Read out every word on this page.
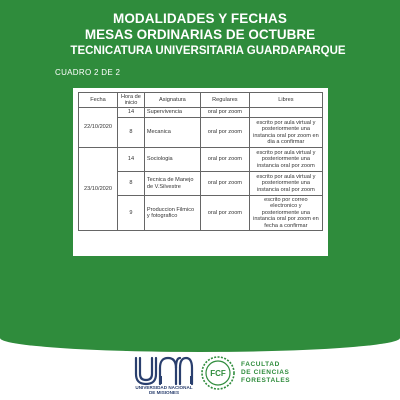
MODALIDADES Y FECHAS
MESAS ORDINARIAS DE OCTUBRE
TECNICATURA UNIVERSITARIA GUARDAPARQUE
CUADRO 2 DE 2
Fecha	Hora de inicio	Asignatura	Regulares	Libres
22/10/2020	14	Supervivencia	oral por zoom	
	8	Mecanica	oral por zoom	escrito por aula virtual y posteriormente una instancia oral por zoom en dia a confirmar
23/10/2020	14	Sociologia	oral por zoom	escrito por aula virtual y posteriormente una instancia oral por zoom
	8	Tecnica de Manejo de V.Silvestre	oral por zoom	escrito por aula virtual y posteriormente una instancia oral por zoom
	9	Produccion Filmico y fotografico	oral por zoom	escrito por correo electronico y posteriormente una instancia oral por zoom en fecha a confirmar
UNIVERSIDAD NACIONAL
DE MISIONES
FCF
FACULTAD
DE CIENCIAS
FORESTALES
